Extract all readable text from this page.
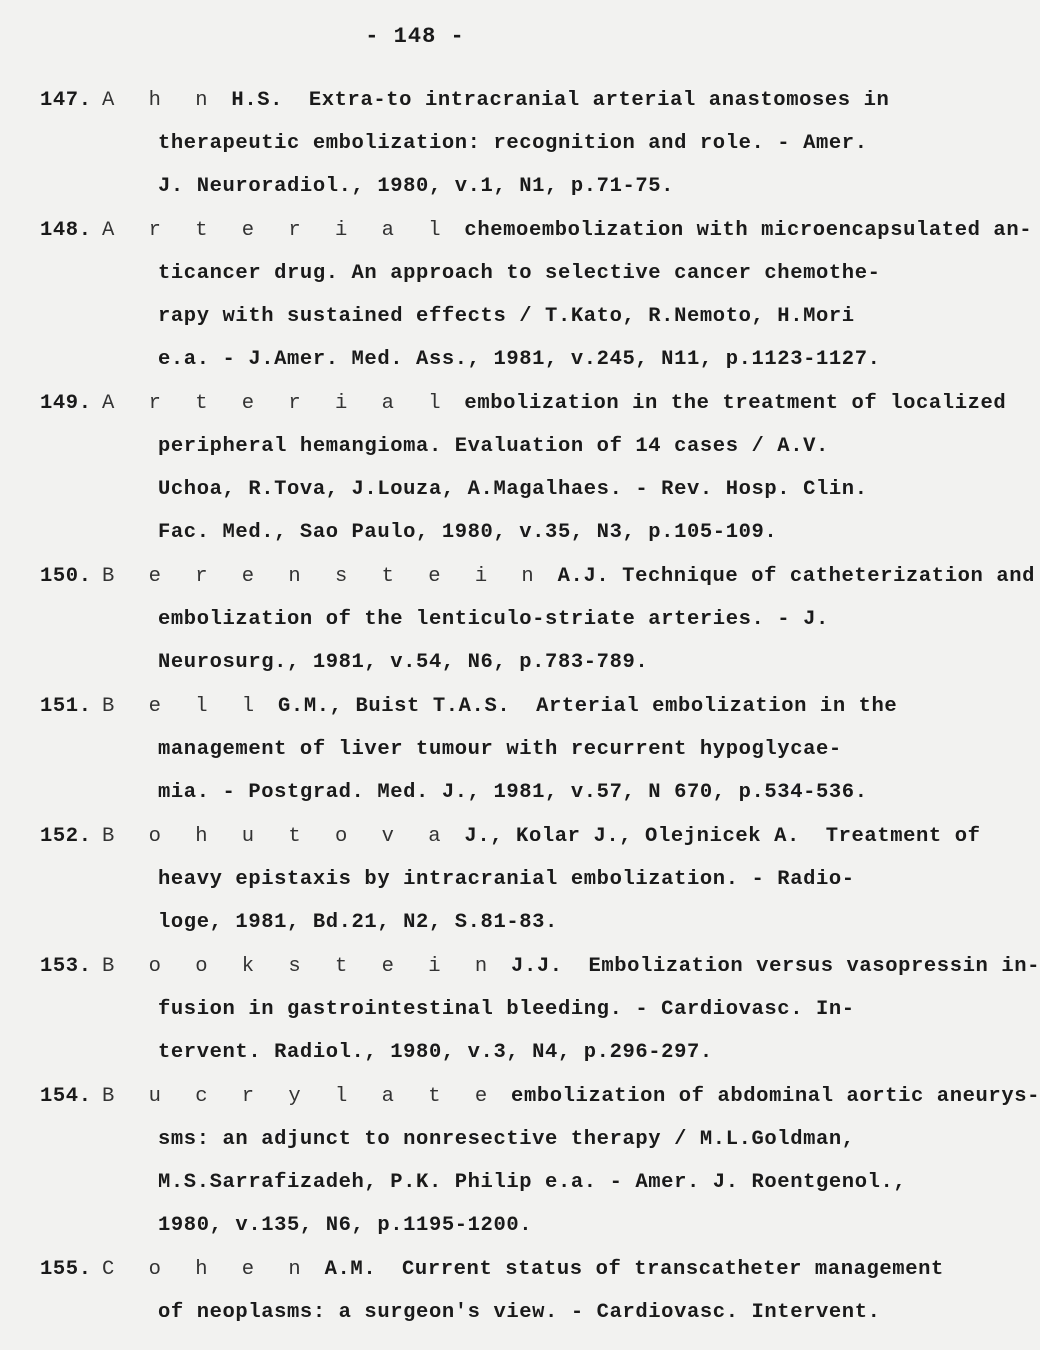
- 148 -
147. A h n H.S.  Extra-to intracranial arterial anastomoses in
therapeutic embolization: recognition and role. - Amer.
J. Neuroradiol., 1980, v.1, N1, p.71-75.
148. A r t e r i a l chemoembolization with microencapsulated an-
ticancer drug. An approach to selective cancer chemothe-
rapy with sustained effects / T.Kato, R.Nemoto, H.Mori
e.a. - J.Amer. Med. Ass., 1981, v.245, N11, p.1123-1127.
149. A r t e r i a l embolization in the treatment of localized
peripheral hemangioma. Evaluation of 14 cases / A.V.
Uchoa, R.Tova, J.Louza, A.Magalhaes. - Rev. Hosp. Clin.
Fac. Med., Sao Paulo, 1980, v.35, N3, p.105-109.
150. B e r e n s t e i n A.J. Technique of catheterization and
embolization of the lenticulo-striate arteries. - J.
Neurosurg., 1981, v.54, N6, p.783-789.
151. B e l l G.M., Buist T.A.S.  Arterial embolization in the
management of liver tumour with recurrent hypoglycae-
mia. - Postgrad. Med. J., 1981, v.57, N 670, p.534-536.
152. B o h u t o v a J., Kolar J., Olejnicek A.  Treatment of
heavy epistaxis by intracranial embolization. - Radio-
loge, 1981, Bd.21, N2, S.81-83.
153. B o o k s t e i n J.J.  Embolization versus vasopressin in-
fusion in gastrointestinal bleeding. - Cardiovasc. In-
tervent. Radiol., 1980, v.3, N4, p.296-297.
154. B u c r y l a t e embolization of abdominal aortic aneurys-
sms: an adjunct to nonresective therapy / M.L.Goldman,
M.S.Sarrafizadeh, P.K. Philip e.a. - Amer. J. Roentgenol.,
1980, v.135, N6, p.1195-1200.
155. C o h e n A.M.  Current status of transcatheter management
of neoplasms: a surgeon's view. - Cardiovasc. Intervent.
